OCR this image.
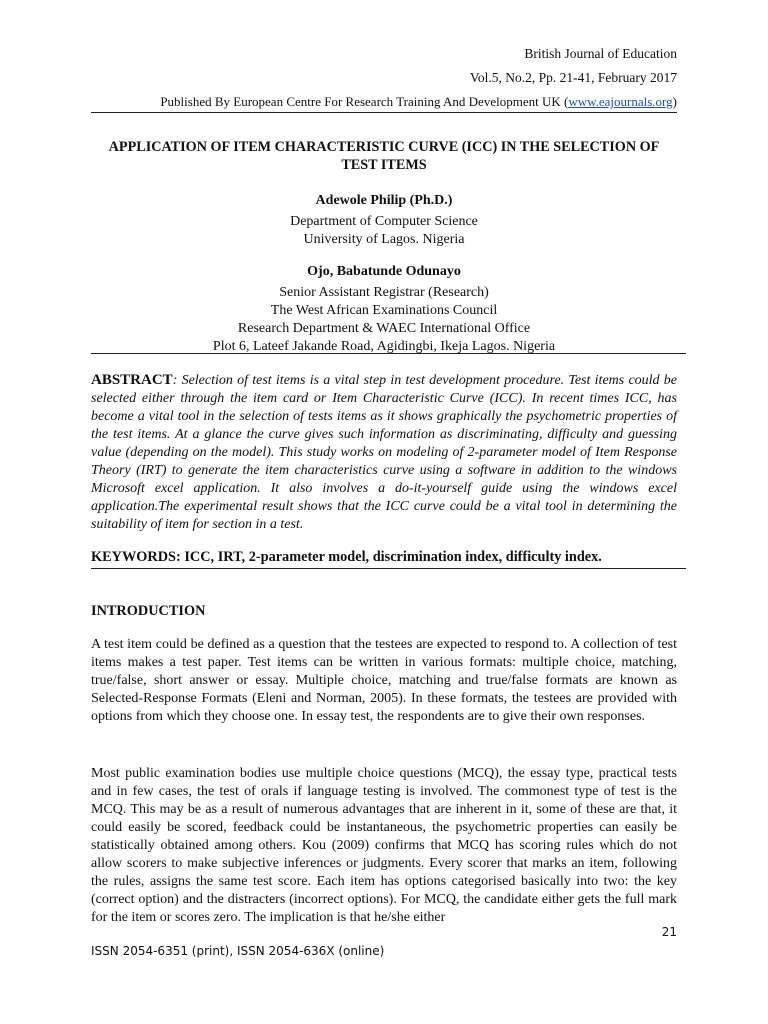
British Journal of Education
Vol.5, No.2, Pp. 21-41, February 2017
Published By European Centre For Research Training And Development UK (www.eajournals.org)
APPLICATION OF ITEM CHARACTERISTIC CURVE (ICC) IN THE SELECTION OF TEST ITEMS
Adewole Philip (Ph.D.)
Department of Computer Science
University of Lagos. Nigeria
Ojo, Babatunde Odunayo
Senior Assistant Registrar (Research)
The West African Examinations Council
Research Department & WAEC International Office
Plot 6, Lateef Jakande Road, Agidingbi, Ikeja Lagos. Nigeria
ABSTRACT: Selection of test items is a vital step in test development procedure. Test items could be selected either through the item card or Item Characteristic Curve (ICC). In recent times ICC, has become a vital tool in the selection of tests items as it shows graphically the psychometric properties of the test items. At a glance the curve gives such information as discriminating, difficulty and guessing value (depending on the model). This study works on modeling of 2-parameter model of Item Response Theory (IRT) to generate the item characteristics curve using a software in addition to the windows Microsoft excel application. It also involves a do-it-yourself guide using the windows excel application.The experimental result shows that the ICC curve could be a vital tool in determining the suitability of item for section in a test.
KEYWORDS: ICC, IRT, 2-parameter model, discrimination index, difficulty index.
INTRODUCTION
A test item could be defined as a question that the testees are expected to respond to. A collection of test items makes a test paper. Test items can be written in various formats: multiple choice, matching, true/false, short answer or essay. Multiple choice, matching and true/false formats are known as Selected-Response Formats (Eleni and Norman, 2005). In these formats, the testees are provided with options from which they choose one. In essay test, the respondents are to give their own responses.
Most public examination bodies use multiple choice questions (MCQ), the essay type, practical tests and in few cases, the test of orals if language testing is involved. The commonest type of test is the MCQ. This may be as a result of numerous advantages that are inherent in it, some of these are that, it could easily be scored, feedback could be instantaneous, the psychometric properties can easily be statistically obtained among others. Kou (2009) confirms that MCQ has scoring rules which do not allow scorers to make subjective inferences or judgments. Every scorer that marks an item, following the rules, assigns the same test score. Each item has options categorised basically into two: the key (correct option) and the distracters (incorrect options). For MCQ, the candidate either gets the full mark for the item or scores zero. The implication is that he/she either
21
ISSN 2054-6351 (print), ISSN 2054-636X (online)
